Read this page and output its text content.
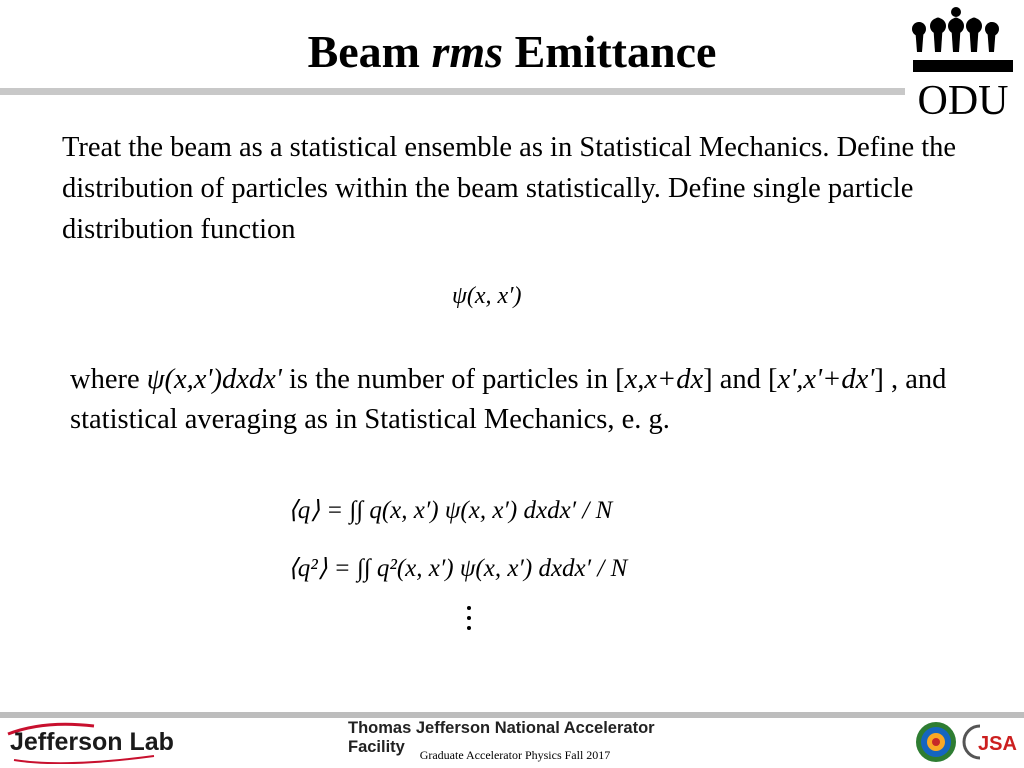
Beam rms Emittance
ODU
Treat the beam as a statistical ensemble as in Statistical Mechanics. Define the distribution of particles within the beam statistically. Define single particle distribution function
ψ(x, x′)
where ψ(x,x')dxdx' is the number of particles in [x,x+dx] and [x',x'+dx'] , and statistical averaging as in Statistical Mechanics, e. g.
⟨q⟩ = ∫∫ q(x, x′) ψ(x, x′) dxdx′ / N
⟨q²⟩ = ∫∫ q²(x, x′) ψ(x, x′) dxdx′ / N
Jefferson Lab	Thomas Jefferson National Accelerator Facility	Graduate Accelerator Physics Fall 2017	JSA
